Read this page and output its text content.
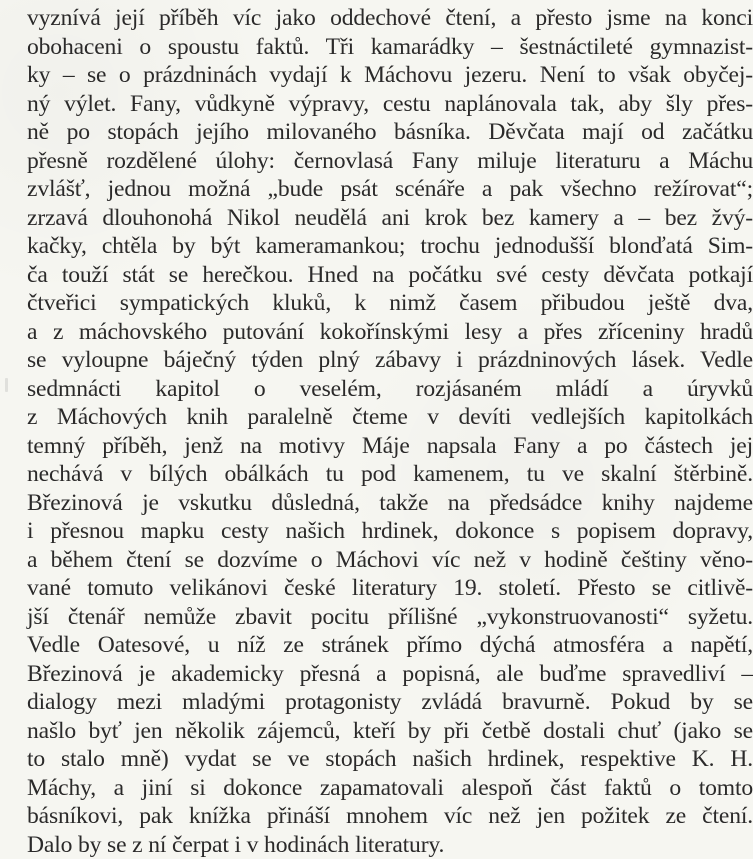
vyznívá její příběh víc jako oddechové čtení, a přesto jsme na konci
obohaceni o spoustu faktů. Tři kamarádky – šestnáctileté gymnazist-
ky – se o prázdninách vydají k Máchovu jezeru. Není to však obyčej-
ný výlet. Fany, vůdkyně výpravy, cestu naplánovala tak, aby šly přes-
ně po stopách jejího milovaného básníka. Děvčata mají od začátku
přesně rozdělené úlohy: černovlasá Fany miluje literaturu a Máchu
zvlášť, jednou možná „bude psát scénáře a pak všechno režírovat“;
zrzavá dlouhonohá Nikol neudělá ani krok bez kamery a – bez žvý-
kačky, chtěla by být kameramankou; trochu jednodušší blonďatá Sim-
ča touží stát se herečkou. Hned na počátku své cesty děvčata potkají
čtveřici sympatických kluků, k nimž časem přibudou ještě dva,
a z máchovského putování kokořínskými lesy a přes zříceniny hradů
se vyloupne báječný týden plný zábavy i prázdninových lásek. Vedle
sedmnácti kapitol o veselém, rozjásaném mládí a úryvků
z Máchových knih paralelně čteme v devíti vedlejších kapitolkách
temný příběh, jenž na motivy Máje napsala Fany a po částech jej
nechává v bílých obálkách tu pod kamenem, tu ve skalní štěrbině.
Březinová je vskutku důsledná, takže na předsádce knihy najdeme
i přesnou mapku cesty našich hrdinek, dokonce s popisem dopravy,
a během čtení se dozvíme o Máchovi víc než v hodině češtiny věno-
vané tomuto velikánovi české literatury 19. století. Přesto se citlivě-
jší čtenář nemůže zbavit pocitu přílišné „vykonstruovanosti“ syžetu.
Vedle Oatesové, u níž ze stránek přímo dýchá atmosféra a napětí,
Březinová je akademicky přesná a popisná, ale buďme spravedliví –
dialogy mezi mladými protagonisty zvládá bravurně. Pokud by se
našlo byť jen několik zájemců, kteří by při četbě dostali chuť (jako se
to stalo mně) vydat se ve stopách našich hrdinek, respektive K. H.
Máchy, a jiní si dokonce zapamatovali alespoň část faktů o tomto
básníkovi, pak knížka přináší mnohem víc než jen požitek ze čtení.
Dalo by se z ní čerpat i v hodinách literatury.
